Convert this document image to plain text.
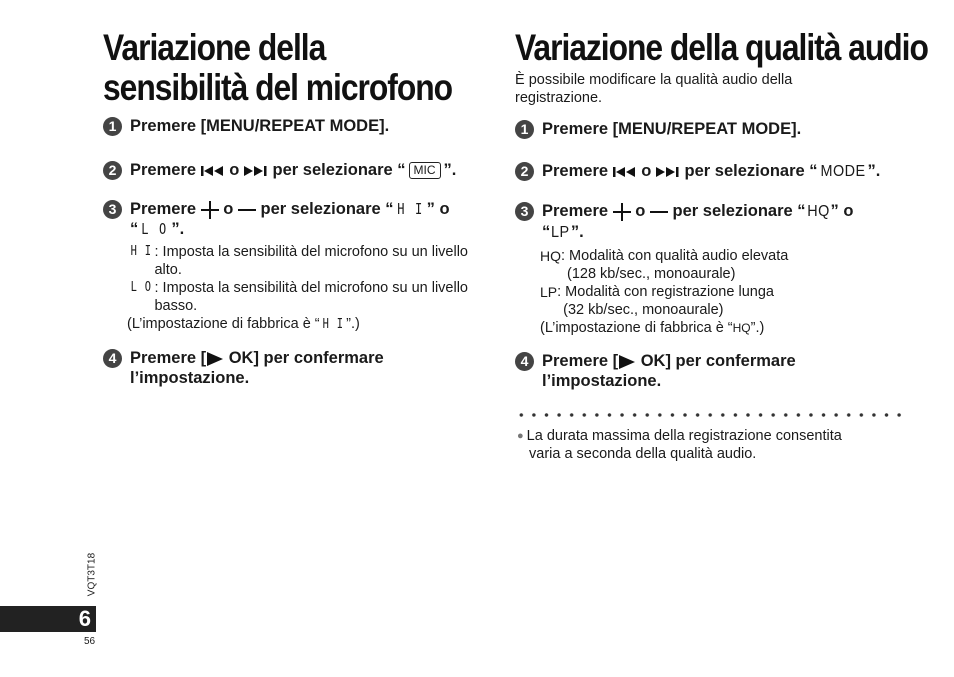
Variazione della
sensibilità del microfono
1 Premere [MENU/REPEAT MODE].
2 Premere o per selezionare “ MIC ”.
3 Premere o per selezionare “ H I ” o
“ L O ”.
H I : Imposta la sensibilità del microfono su un livello
alto.
L O : Imposta la sensibilità del microfono su un livello
basso.
(L’impostazione di fabbrica è “ H I ”.)
4 Premere [ OK] per confermare
l’impostazione.
Variazione della qualità audio
È possibile modificare la qualità audio della
registrazione.
1 Premere [MENU/REPEAT MODE].
2 Premere o per selezionare “ MODE ”.
3 Premere o per selezionare “HQ” o
“LP”.
HQ : Modalità con qualità audio elevata
(128 kb/sec., monoaurale)
LP : Modalità con registrazione lunga
(32 kb/sec., monoaurale)
(L’impostazione di fabbrica è “HQ”.)
4 Premere [ OK] per confermare
l’impostazione.
● La durata massima della registrazione consentita
varia a seconda della qualità audio.
VQT3T18
6
56
